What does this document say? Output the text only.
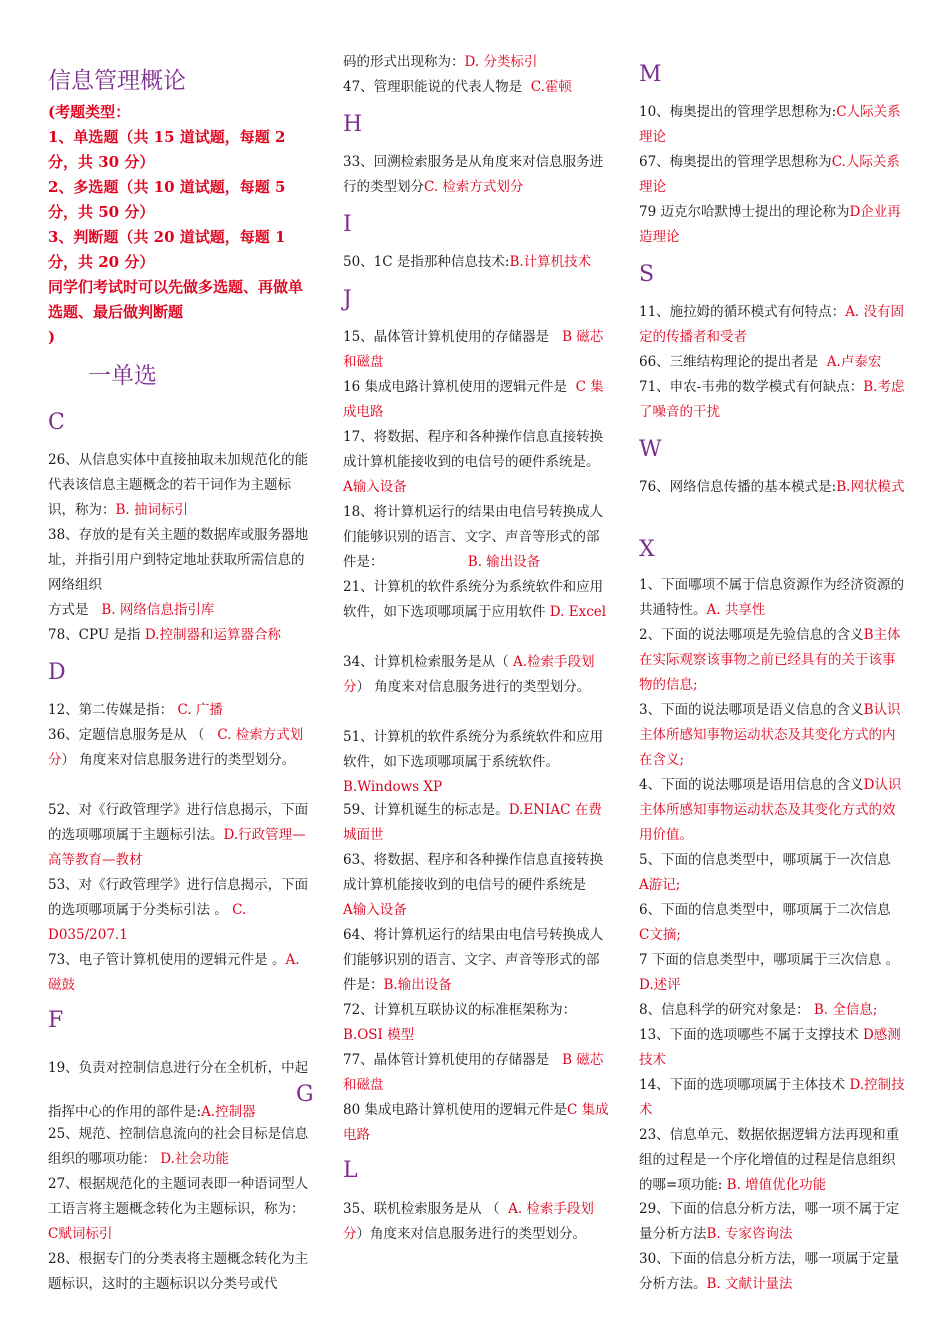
信息管理概论
(考题类型：
1、单选题（共 15 道试题，每题 2 分，共 30 分）
2、多选题（共 10 道试题，每题 5 分，共 50 分）
3、判断题（共 20 道试题，每题 1 分，共 20 分）
同学们考试时可以先做多选题、再做单选题、最后做判断题
)
一单选
C
26、从信息实体中直接抽取未加规范化的能代表该信息主题概念的若干词作为主题标识，称为：B. 抽词标引
38、存放的是有关主题的数据库或服务器地址，并指引用户到特定地址获取所需信息的网络组织
方式是 B. 网络信息指引库
78、CPU 是指 D.控制器和运算器合称
D
12、第二传媒是指： C. 广播
36、定题信息服务是从 （ C. 检索方式划分） 角度来对信息服务进行的类型划分。
52、对《行政管理学》进行信息揭示，下面的选项哪项属于主题标引法。D.行政管理—高等教育—教材
53、对《行政管理学》进行信息揭示，下面的选项哪项属于分类标引法 。 C. D035/207.1
73、电子管计算机使用的逻辑元件是 。A.磁鼓
F
19、负责对控制信息进行分在全机析，中起指挥中心的作用的部件是:A.控制器
G
25、规范、控制信息流向的社会目标是信息组织的哪项功能： D.社会功能
27、根据规范化的主题词表即一种语词型人工语言将主题概念转化为主题标识，称为：C赋词标引
28、根据专门的分类表将主题概念转化为主题标识，这时的主题标识以分类号或代
码的形式出现称为：D. 分类标引
47、管理职能说的代表人物是 C.霍顿
H
33、回溯检索服务是从角度来对信息服务进行的类型划分C. 检索方式划分
I
50、1C 是指那种信息技术:B.计算机技术
J
15、晶体管计算机使用的存储器是 B 磁芯和磁盘
16 集成电路计算机使用的逻辑元件是 C 集成电路
17、将数据、程序和各种操作信息直接转换成计算机能接收到的电信号的硬件系统是。
A输入设备
18、将计算机运行的结果由电信号转换成人们能够识别的语言、文字、声音等形式的部件是：	B. 输出设备
21、计算机的软件系统分为系统软件和应用软件，如下选项哪项属于应用软件 D. Excel
34、计算机检索服务是从（ A.检索手段划分） 角度来对信息服务进行的类型划分。
51、计算机的软件系统分为系统软件和应用软件，如下选项哪项属于系统软件。 B.Windows XP
59、计算机诞生的标志是。D.ENIAC 在费城面世
63、将数据、程序和各种操作信息直接转换成计算机能接收到的电信号的硬件系统是
A输入设备
64、将计算机运行的结果由电信号转换成人们能够识别的语言、文字、声音等形式的部件是：B.输出设备
72、计算机互联协议的标准框架称为：
B.OSI 模型
77、晶体管计算机使用的存储器是 B 磁芯和磁盘
80 集成电路计算机使用的逻辑元件是C 集成电路
L
35、联机检索服务是从 （ A. 检索手段划分）角度来对信息服务进行的类型划分。
M
10、梅奥提出的管理学思想称为:C人际关系理论
67、梅奥提出的管理学思想称为C.人际关系理论
79 迈克尔哈默博士提出的理论称为D企业再造理论
S
11、施拉姆的循环模式有何特点：A. 没有固定的传播者和受者
66、三维结构理论的提出者是 A.卢泰宏
71、申农-韦弗的数学模式有何缺点：B.考虑了噪音的干扰
W
76、网络信息传播的基本模式是:B.网状模式
X
1、下面哪项不属于信息资源作为经济资源的共通特性。A. 共享性
2、下面的说法哪项是先验信息的含义B主体在实际观察该事物之前已经具有的关于该事物的信息;
3、下面的说法哪项是语义信息的含义B认识主体所感知事物运动状态及其变化方式的内在含义;
4、下面的说法哪项是语用信息的含义D认识主体所感知事物运动状态及其变化方式的效用价值。
5、下面的信息类型中，哪项属于一次信息
A游记;
6、下面的信息类型中，哪项属于二次信息
C文摘;
7 下面的信息类型中，哪项属于三次信息 。
D.述评
8、信息科学的研究对象是： B. 全信息;
13、下面的选项哪些不属于支撑技术 D感测技术
14、下面的选项哪项属于主体技术 D.控制技术
23、信息单元、数据依据逻辑方法再现和重组的过程是一个序化增值的过程是信息组织的哪=项功能: B. 增值优化功能
29、下面的信息分析方法，哪一项不属于定量分析方法B. 专家咨询法
30、下面的信息分析方法，哪一项属于定量分析方法。B. 文献计量法
